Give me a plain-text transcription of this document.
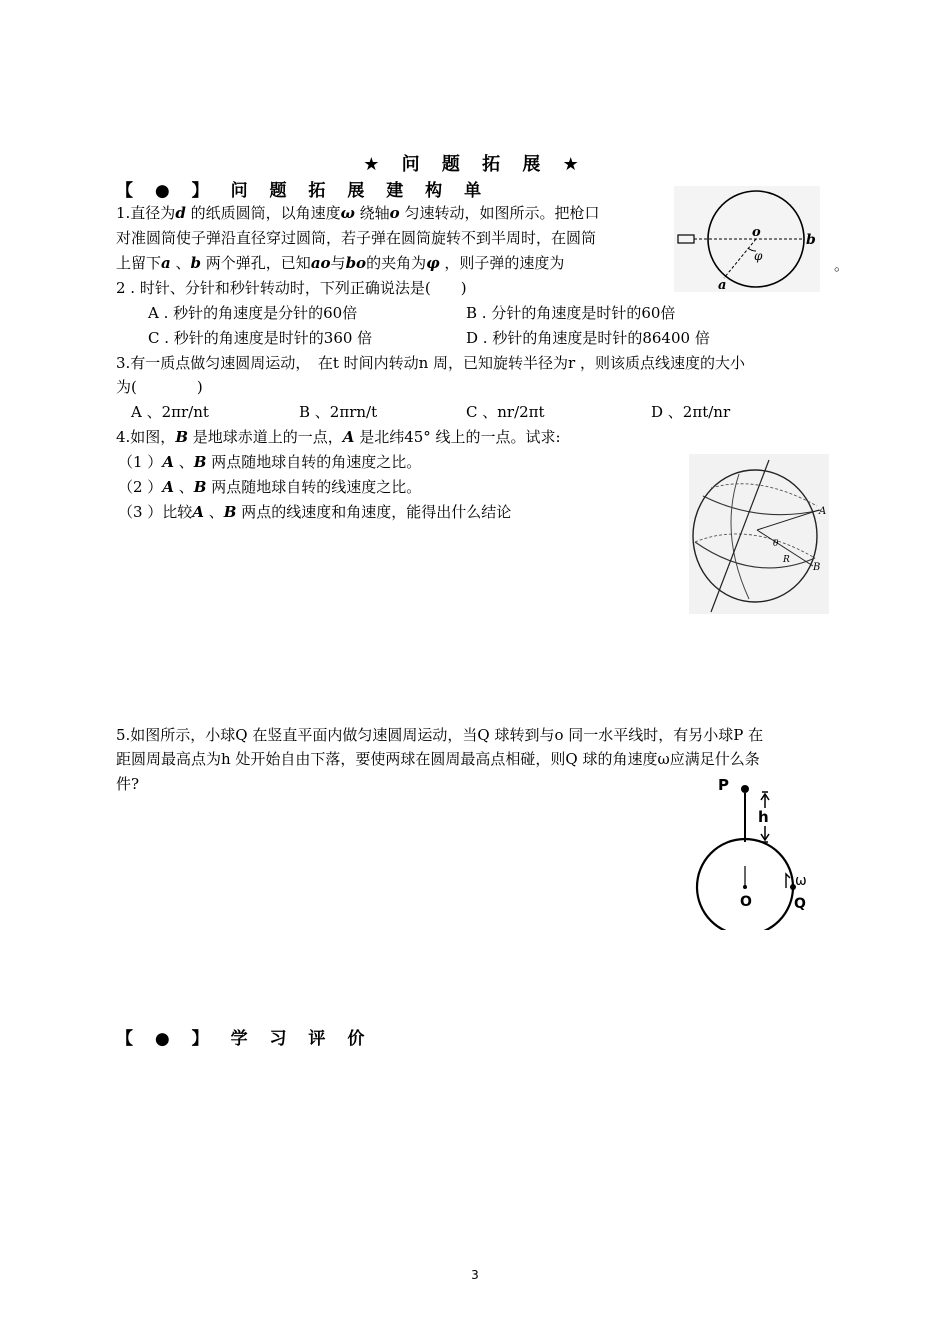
★ 问 题 拓 展 ★
【 ● 】 问 题 拓 展 建 构 单
1.直径为d 的纸质圆筒，以角速度ω 绕轴o 匀速转动，如图所示。把枪口
对准圆筒使子弹沿直径穿过圆筒，若子弹在圆筒旋转不到半周时，在圆筒
上留下a 、b 两个弹孔，已知ao与bo的夹角为φ ，则子弹的速度为	。
o	b
a
φ
2 . 时针、分针和秒针转动时，下列正确说法是(　　)
A . 秒针的角速度是分针的60倍	B . 分针的角速度是时针的60倍
C . 秒针的角速度是时针的360 倍	D . 秒针的角速度是时针的86400 倍
3.有一质点做匀速圆周运动，　在t 时间内转动n 周，已知旋转半径为r ，则该质点线速度的大小
为(　　　　)
A 、2πr/nt	B 、2πrn/t	C 、nr/2πt	D 、2πt/nr
4.如图，B 是地球赤道上的一点，A 是北纬45° 线上的一点。试求:
（1 ）A 、B 两点随地球自转的角速度之比。
（2 ）A 、B 两点随地球自转的线速度之比。
（3 ）比较A 、B 两点的线速度和角速度，能得出什么结论	A
B
R
θ
5.如图所示，小球Q 在竖直平面内做匀速圆周运动，当Q 球转到与o 同一水平线时，有另小球P 在
距圆周最高点为h 处开始自由下落，要使两球在圆周最高点相碰，则Q 球的角速度ω应满足什么条
件?	P
h
O	Q
ω
【 ● 】 学 习 评 价
3
